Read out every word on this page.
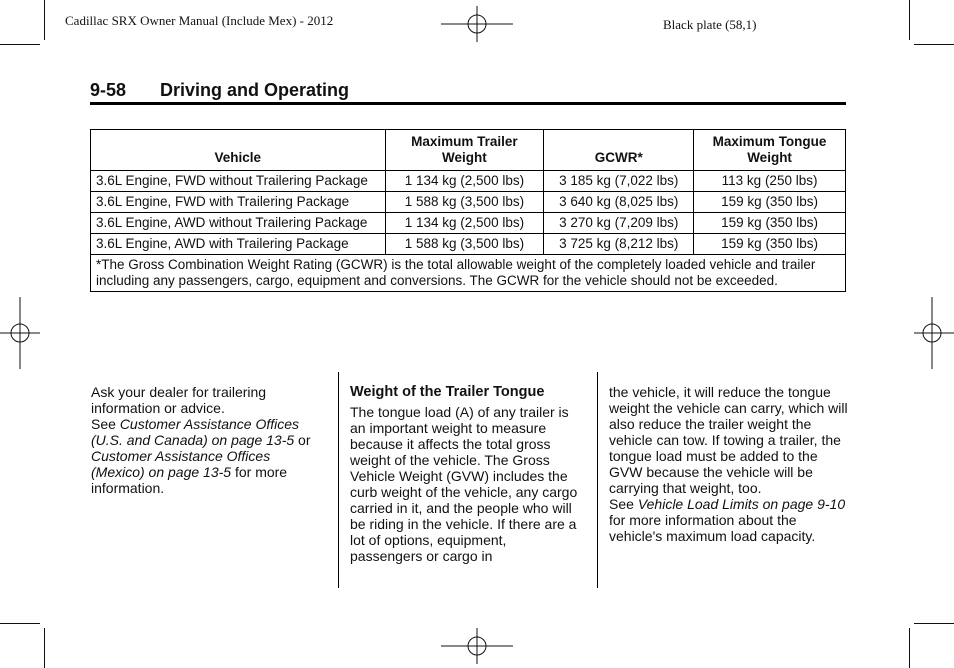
Cadillac SRX Owner Manual (Include Mex) - 2012	Black plate (58,1)
9-58 Driving and Operating
Vehicle	Maximum Trailer Weight	GCWR*	Maximum Tongue Weight
3.6L Engine, FWD without Trailering Package	1 134 kg (2,500 lbs)	3 185 kg (7,022 lbs)	113 kg (250 lbs)
3.6L Engine, FWD with Trailering Package	1 588 kg (3,500 lbs)	3 640 kg (8,025 lbs)	159 kg (350 lbs)
3.6L Engine, AWD without Trailering Package	1 134 kg (2,500 lbs)	3 270 kg (7,209 lbs)	159 kg (350 lbs)
3.6L Engine, AWD with Trailering Package	1 588 kg (3,500 lbs)	3 725 kg (8,212 lbs)	159 kg (350 lbs)
*The Gross Combination Weight Rating (GCWR) is the total allowable weight of the completely loaded vehicle and trailer including any passengers, cargo, equipment and conversions. The GCWR for the vehicle should not be exceeded.			

Ask your dealer for trailering information or advice.

See Customer Assistance Offices (U.S. and Canada) on page 13-5 or Customer Assistance Offices (Mexico) on page 13-5 for more information.

Weight of the Trailer Tongue

The tongue load (A) of any trailer is an important weight to measure because it affects the total gross weight of the vehicle. The Gross Vehicle Weight (GVW) includes the curb weight of the vehicle, any cargo carried in it, and the people who will be riding in the vehicle. If there are a lot of options, equipment, passengers or cargo in

the vehicle, it will reduce the tongue weight the vehicle can carry, which will also reduce the trailer weight the vehicle can tow. If towing a trailer, the tongue load must be added to the GVW because the vehicle will be carrying that weight, too.

See Vehicle Load Limits on page 9-10 for more information about the vehicle's maximum load capacity.
